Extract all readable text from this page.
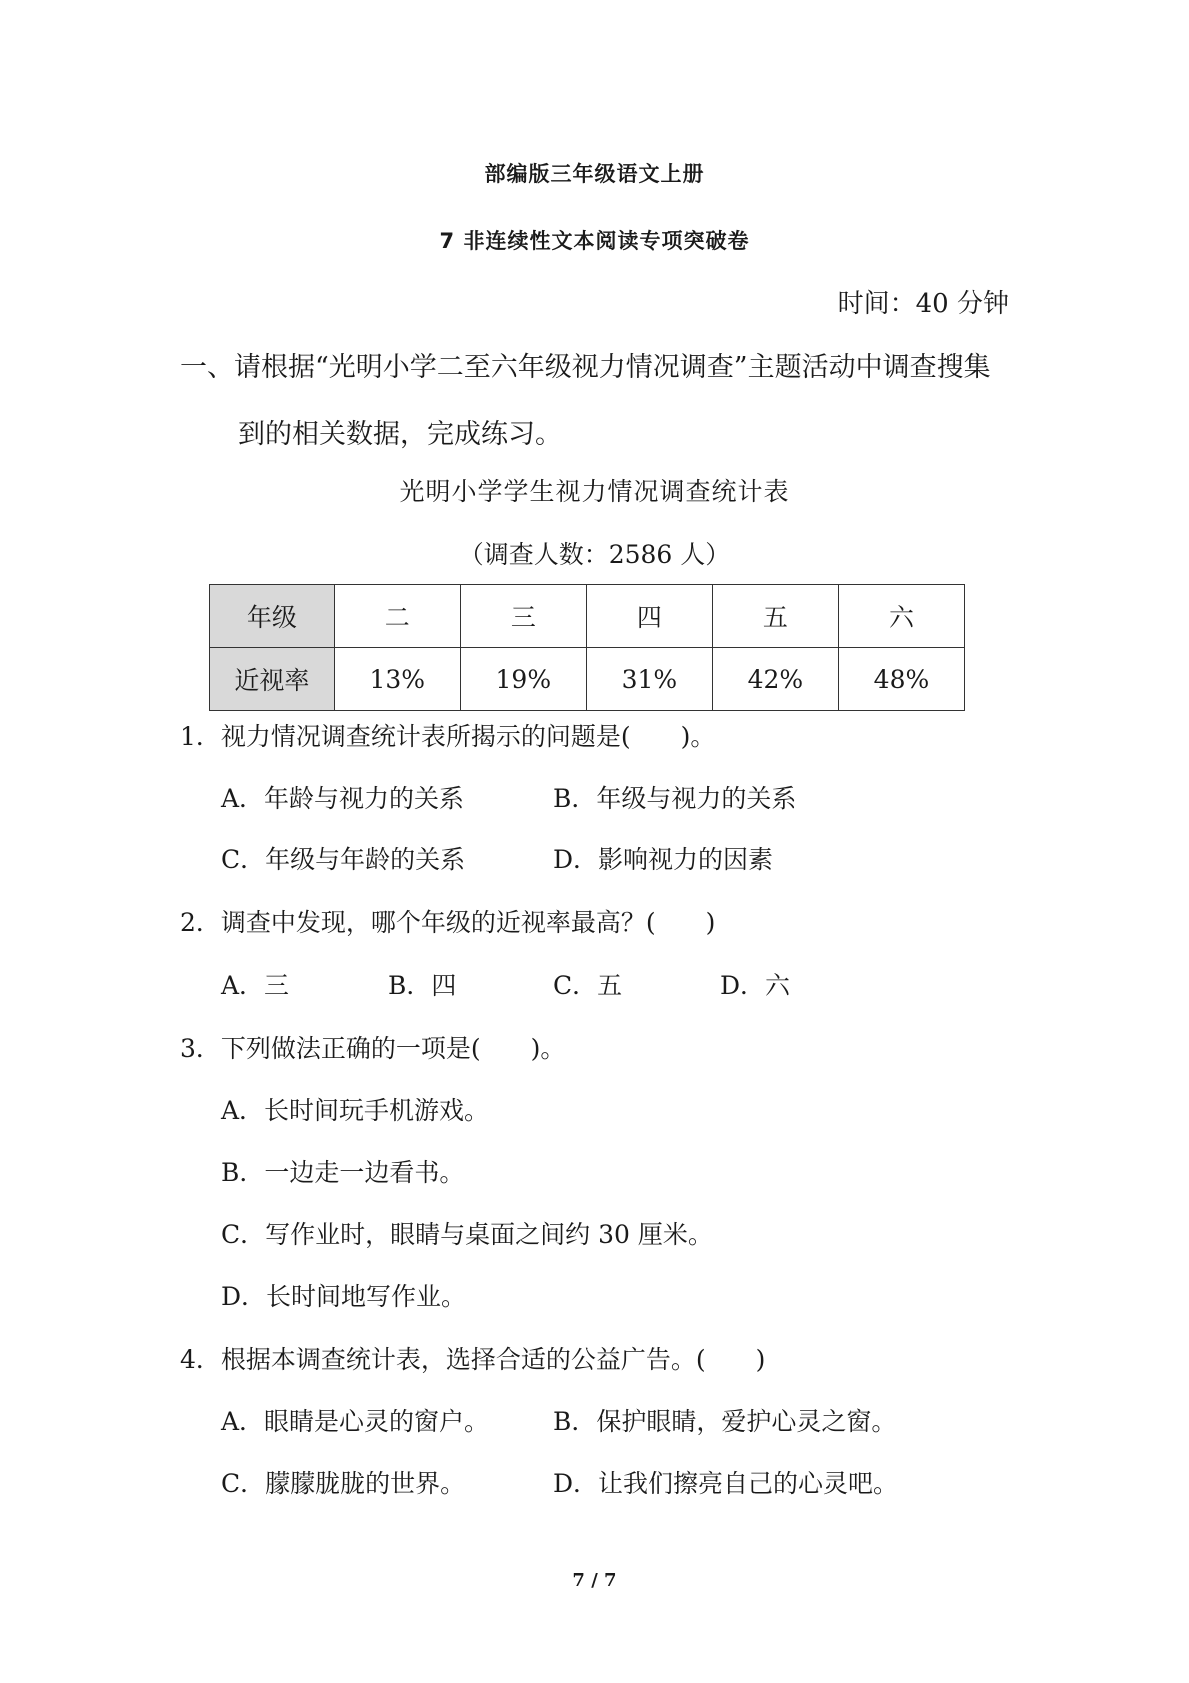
部编版三年级语文上册
7 非连续性文本阅读专项突破卷
时间：40 分钟
一、请根据“光明小学二至六年级视力情况调查”主题活动中调查搜集
到的相关数据，完成练习。
光明小学学生视力情况调查统计表
（调查人数：2586 人）
年级	二	三	四	五	六
近视率	13%	19%	31%	42%	48%
1．视力情况调查统计表所揭示的问题是(　　)。
A．年龄与视力的关系	B．年级与视力的关系
C．年级与年龄的关系	D．影响视力的因素
2．调查中发现，哪个年级的近视率最高？(　　)
A．三	B．四	C．五	D．六
3．下列做法正确的一项是(　　)。
A．长时间玩手机游戏。
B．一边走一边看书。
C．写作业时，眼睛与桌面之间约 30 厘米。
D．长时间地写作业。
4．根据本调查统计表，选择合适的公益广告。(　　)
A．眼睛是心灵的窗户。	B．保护眼睛，爱护心灵之窗。
C．朦朦胧胧的世界。	D．让我们擦亮自己的心灵吧。
7 / 7
